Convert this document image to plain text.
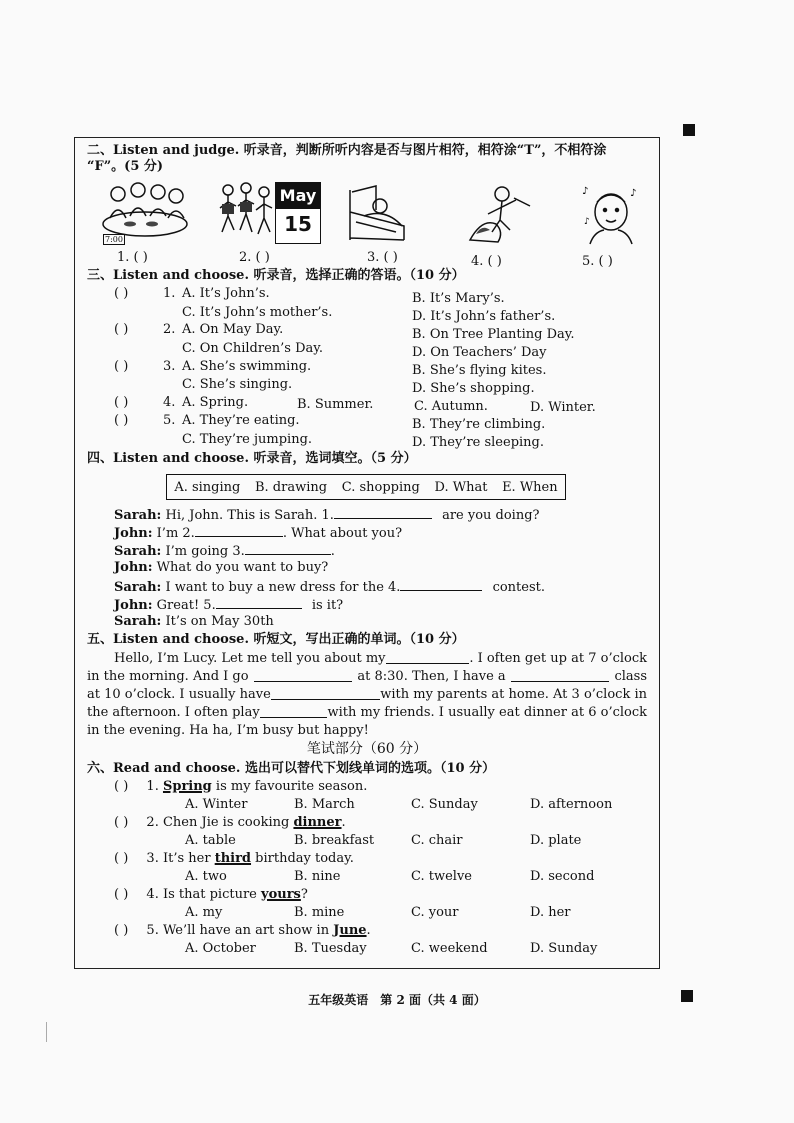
二、Listen and judge. 听录音，判断所听内容是否与图片相符，相符涂“T”，不相符涂
“F”。(5 分)
7:00
May
15
♪	♪
♪
1. ( )	2. ( )	3. ( )	4. ( )	5. ( )
三、Listen and choose. 听录音，选择正确的答语。（10 分）
( )	1. A. It’s John’s.	B. It’s Mary’s.
C. It’s John’s mother’s.	D. It’s John’s father’s.
( )	2. A. On May Day.	B. On Tree Planting Day.
C. On Children’s Day.	D. On Teachers’ Day
( )	3. A. She’s swimming.	B. She’s flying kites.
C. She’s singing.	D. She’s shopping.
( )	4. A. Spring.	B. Summer.	C. Autumn.	D. Winter.
( )	5. A. They’re eating.	B. They’re climbing.
C. They’re jumping.	D. They’re sleeping.
四、Listen and choose. 听录音，选词填空。（5 分）
A. singing B. drawing C. shopping D. What E. When
Sarah: Hi, John. This is Sarah. 1.	are you doing?
John: I’m 2.	. What about you?
Sarah: I’m going 3.	.
John: What do you want to buy?
Sarah: I want to buy a new dress for the 4.	contest.
John: Great! 5.	is it?
Sarah: It’s on May 30th
五、Listen and choose. 听短文，写出正确的单词。（10 分）
Hello, I’m Lucy. Let me tell you about my	. I often get up at 7 o’clock
in the morning. And I go	at 8:30. Then, I have a	class
at 10 o’clock. I usually have	with my parents at home. At 3 o’clock in
the afternoon. I often play	with my friends. I usually eat dinner at 6 o’clock
in the evening. Ha ha, I’m busy but happy!
笔试部分（60 分）
六、Read and choose. 选出可以替代下划线单词的选项。（10 分）
( ) 1. Spring is my favourite season.
A. Winter	B. March	C. Sunday	D. afternoon
( ) 2. Chen Jie is cooking dinner.
A. table	B. breakfast	C. chair	D. plate
( ) 3. It’s her third birthday today.
A. two	B. nine	C. twelve	D. second
( ) 4. Is that picture yours?
A. my	B. mine	C. your	D. her
( ) 5. We’ll have an art show in June.
A. October	B. Tuesday	C. weekend	D. Sunday
五年级英语　第 2 面（共 4 面）
